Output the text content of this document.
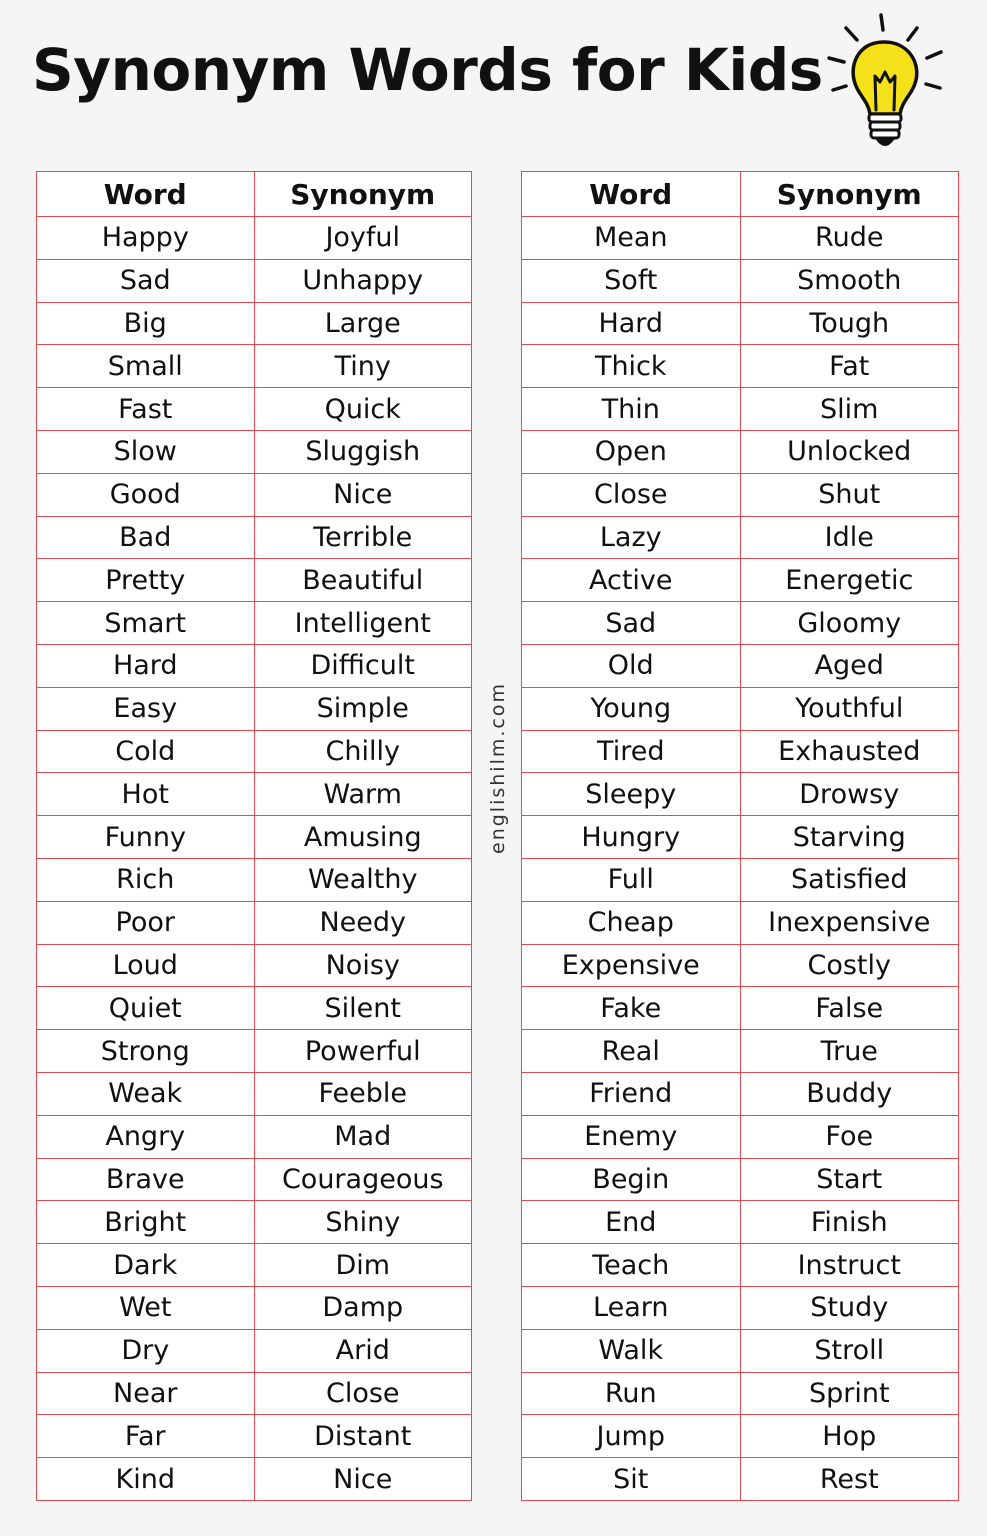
Synonym Words for Kids
Word	Synonym
Happy	Joyful
Sad	Unhappy
Big	Large
Small	Tiny
Fast	Quick
Slow	Sluggish
Good	Nice
Bad	Terrible
Pretty	Beautiful
Smart	Intelligent
Hard	Difficult
Easy	Simple
Cold	Chilly
Hot	Warm
Funny	Amusing
Rich	Wealthy
Poor	Needy
Loud	Noisy
Quiet	Silent
Strong	Powerful
Weak	Feeble
Angry	Mad
Brave	Courageous
Bright	Shiny
Dark	Dim
Wet	Damp
Dry	Arid
Near	Close
Far	Distant
Kind	Nice
englishilm.com
Word	Synonym
Mean	Rude
Soft	Smooth
Hard	Tough
Thick	Fat
Thin	Slim
Open	Unlocked
Close	Shut
Lazy	Idle
Active	Energetic
Sad	Gloomy
Old	Aged
Young	Youthful
Tired	Exhausted
Sleepy	Drowsy
Hungry	Starving
Full	Satisfied
Cheap	Inexpensive
Expensive	Costly
Fake	False
Real	True
Friend	Buddy
Enemy	Foe
Begin	Start
End	Finish
Teach	Instruct
Learn	Study
Walk	Stroll
Run	Sprint
Jump	Hop
Sit	Rest
